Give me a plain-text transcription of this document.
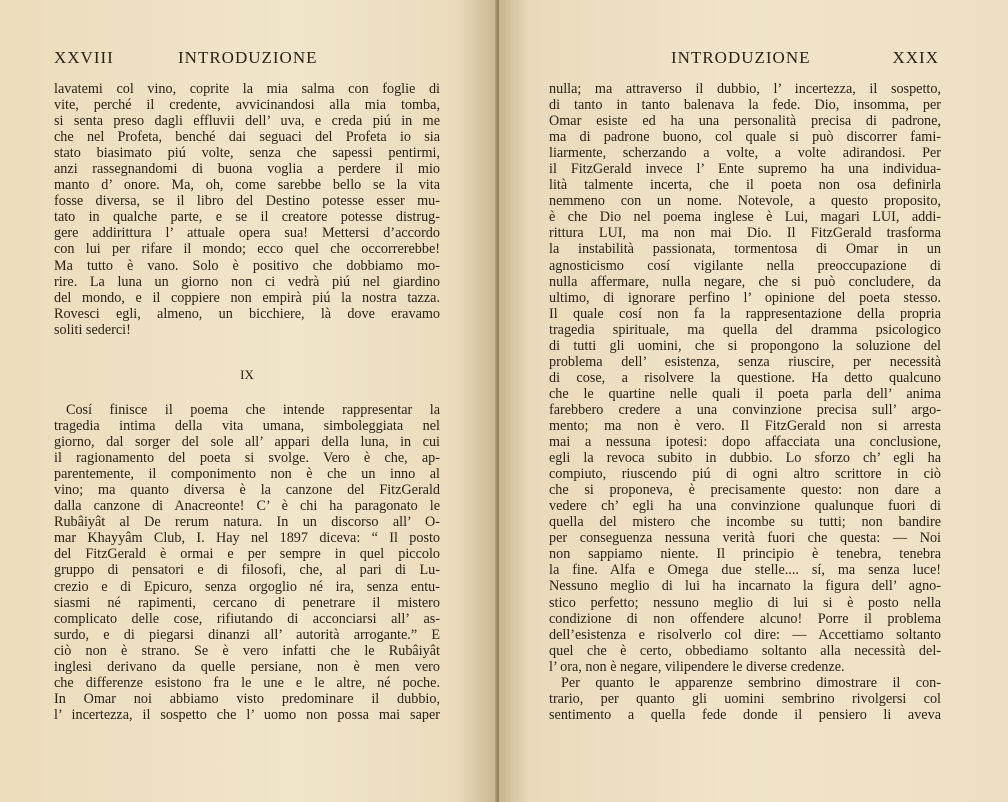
XXVIII	INTRODUZIONE
lavatemi col vino, coprite la mia salma con foglie di
vite, perché il credente, avvicinandosi alla mia tomba,
si senta preso dagli effluvii dell’ uva, e creda piú in me
che nel Profeta, benché dai seguaci del Profeta io sia
stato biasimato piú volte, senza che sapessi pentirmi,
anzi rassegnandomi di buona voglia a perdere il mio
manto d’ onore. Ma, oh, come sarebbe bello se la vita
fosse diversa, se il libro del Destino potesse esser mu-
tato in qualche parte, e se il creatore potesse distrug-
gere addirittura l’ attuale opera sua! Mettersi d’accordo
con lui per rifare il mondo; ecco quel che occorrerebbe!
Ma tutto è vano. Solo è positivo che dobbiamo mo-
rire. La luna un giorno non ci vedrà piú nel giardino
del mondo, e il coppiere non empirà piú la nostra tazza.
Rovesci egli, almeno, un bicchiere, là dove eravamo
soliti sederci!
IX
Cosí finisce il poema che intende rappresentar la
tragedia intima della vita umana, simboleggiata nel
giorno, dal sorger del sole all’ appari della luna, in cui
il ragionamento del poeta si svolge. Vero è che, ap-
parentemente, il componimento non è che un inno al
vino; ma quanto diversa è la canzone del FitzGerald
dalla canzone di Anacreonte! C’ è chi ha paragonato le
Rubâiyât al De rerum natura. In un discorso all’ O-
mar Khayyâm Club, I. Hay nel 1897 diceva: “ Il posto
del FitzGerald è ormai e per sempre in quel piccolo
gruppo di pensatori e di filosofi, che, al pari di Lu-
crezio e di Epicuro, senza orgoglio né ira, senza entu-
siasmi né rapimenti, cercano di penetrare il mistero
complicato delle cose, rifiutando di acconciarsi all’ as-
surdo, e di piegarsi dinanzi all’ autorità arrogante.” E
ciò non è strano. Se è vero infatti che le Rubâiyât
inglesi derivano da quelle persiane, non è men vero
che differenze esistono fra le une e le altre, né poche.
In Omar noi abbiamo visto predominare il dubbio,
l’ incertezza, il sospetto che l’ uomo non possa mai saper
INTRODUZIONE	XXIX
nulla; ma attraverso il dubbio, l’ incertezza, il sospetto,
di tanto in tanto balenava la fede. Dio, insomma, per
Omar esiste ed ha una personalità precisa di padrone,
ma di padrone buono, col quale si può discorrer fami-
liarmente, scherzando a volte, a volte adirandosi. Per
il FitzGerald invece l’ Ente supremo ha una individua-
lità talmente incerta, che il poeta non osa definirla
nemmeno con un nome. Notevole, a questo proposito,
è che Dio nel poema inglese è Lui, magari LUI, addi-
rittura LUI, ma non mai Dio. Il FitzGerald trasforma
la instabilità passionata, tormentosa di Omar in un
agnosticismo cosí vigilante nella preoccupazione di
nulla affermare, nulla negare, che si può concludere, da
ultimo, di ignorare perfino l’ opinione del poeta stesso.
Il quale cosí non fa la rappresentazione della propria
tragedia spirituale, ma quella del dramma psicologico
di tutti gli uomini, che si propongono la soluzione del
problema dell’ esistenza, senza riuscire, per necessità
di cose, a risolvere la questione. Ha detto qualcuno
che le quartine nelle quali il poeta parla dell’ anima
farebbero credere a una convinzione precisa sull’ argo-
mento; ma non è vero. Il FitzGerald non si arresta
mai a nessuna ipotesi: dopo affacciata una conclusione,
egli la revoca subito in dubbio. Lo sforzo ch’ egli ha
compiuto, riuscendo piú di ogni altro scrittore in ciò
che si proponeva, è precisamente questo: non dare a
vedere ch’ egli ha una convinzione qualunque fuori di
quella del mistero che incombe su tutti; non bandire
per conseguenza nessuna verità fuori che questa: — Noi
non sappiamo niente. Il principio è tenebra, tenebra
la fine. Alfa e Omega due stelle.... sí, ma senza luce!
Nessuno meglio di lui ha incarnato la figura dell’ agno-
stico perfetto; nessuno meglio di lui si è posto nella
condizione di non offendere alcuno! Porre il problema
dell’esistenza e risolverlo col dire: — Accettiamo soltanto
quel che è certo, obbediamo soltanto alla necessità del-
l’ ora, non è negare, vilipendere le diverse credenze.
Per quanto le apparenze sembrino dimostrare il con-
trario, per quanto gli uomini sembrino rivolgersi col
sentimento a quella fede donde il pensiero li aveva
